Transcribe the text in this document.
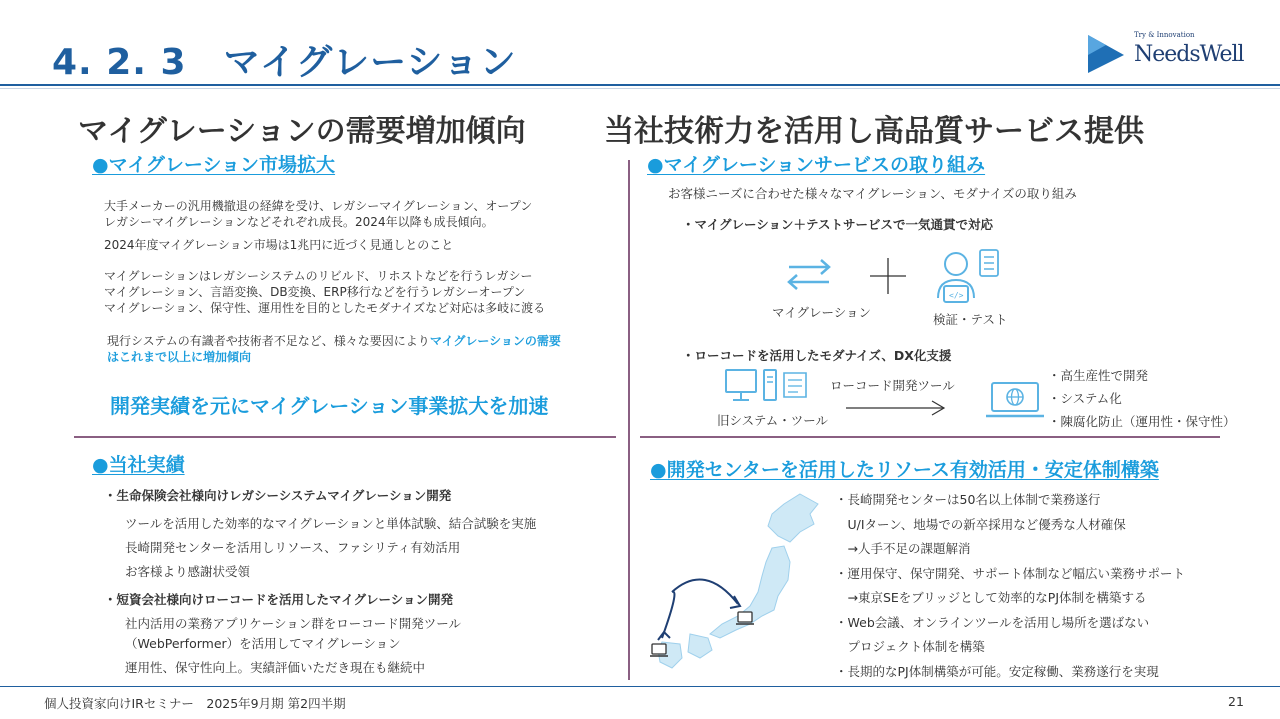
4. 2. 3　マイグレーション
Try & Innovation
NeedsWell
マイグレーションの需要増加傾向	当社技術力を活用し高品質サービス提供
●マイグレーション市場拡大
大手メーカーの汎用機撤退の経緯を受け、レガシーマイグレーション、オープン
レガシーマイグレーションなどそれぞれ成長。2024年以降も成長傾向。
2024年度マイグレーション市場は1兆円に近づく見通しとのこと
マイグレーションはレガシーシステムのリビルド、リホストなどを行うレガシー
マイグレーション、言語変換、DB変換、ERP移行などを行うレガシーオープン
マイグレーション、保守性、運用性を目的としたモダナイズなど対応は多岐に渡る
現行システムの有識者や技術者不足など、様々な要因によりマイグレーションの需要
はこれまで以上に増加傾向
開発実績を元にマイグレーション事業拡大を加速
●当社実績
・生命保険会社様向けレガシーシステムマイグレーション開発
ツールを活用した効率的なマイグレーションと単体試験、結合試験を実施
長崎開発センターを活用しリソース、ファシリティ有効活用
お客様より感謝状受領
・短資会社様向けローコードを活用したマイグレーション開発
社内活用の業務アプリケーション群をローコード開発ツール
（WebPerformer）を活用してマイグレーション
運用性、保守性向上。実績評価いただき現在も継続中
●マイグレーションサービスの取り組み
お客様ニーズに合わせた様々なマイグレーション、モダナイズの取り組み
・マイグレーション＋テストサービスで一気通貫で対応
</>
マイグレーション	検証・テスト
・ローコードを活用したモダナイズ、DX化支援
旧システム・ツール
ローコード開発ツール
・高生産性で開発
・システム化
・陳腐化防止（運用性・保守性）
●開発センターを活用したリソース有効活用・安定体制構築
・長崎開発センターは50名以上体制で業務遂行
　U/Iターン、地場での新卒採用など優秀な人材確保
　→人手不足の課題解消
・運用保守、保守開発、サポート体制など幅広い業務サポート
　→東京SEをブリッジとして効率的なPJ体制を構築する
・Web会議、オンラインツールを活用し場所を選ばない
　プロジェクト体制を構築
・長期的なPJ体制構築が可能。安定稼働、業務遂行を実現
個人投資家向けIRセミナー　2025年9月期 第2四半期	21
